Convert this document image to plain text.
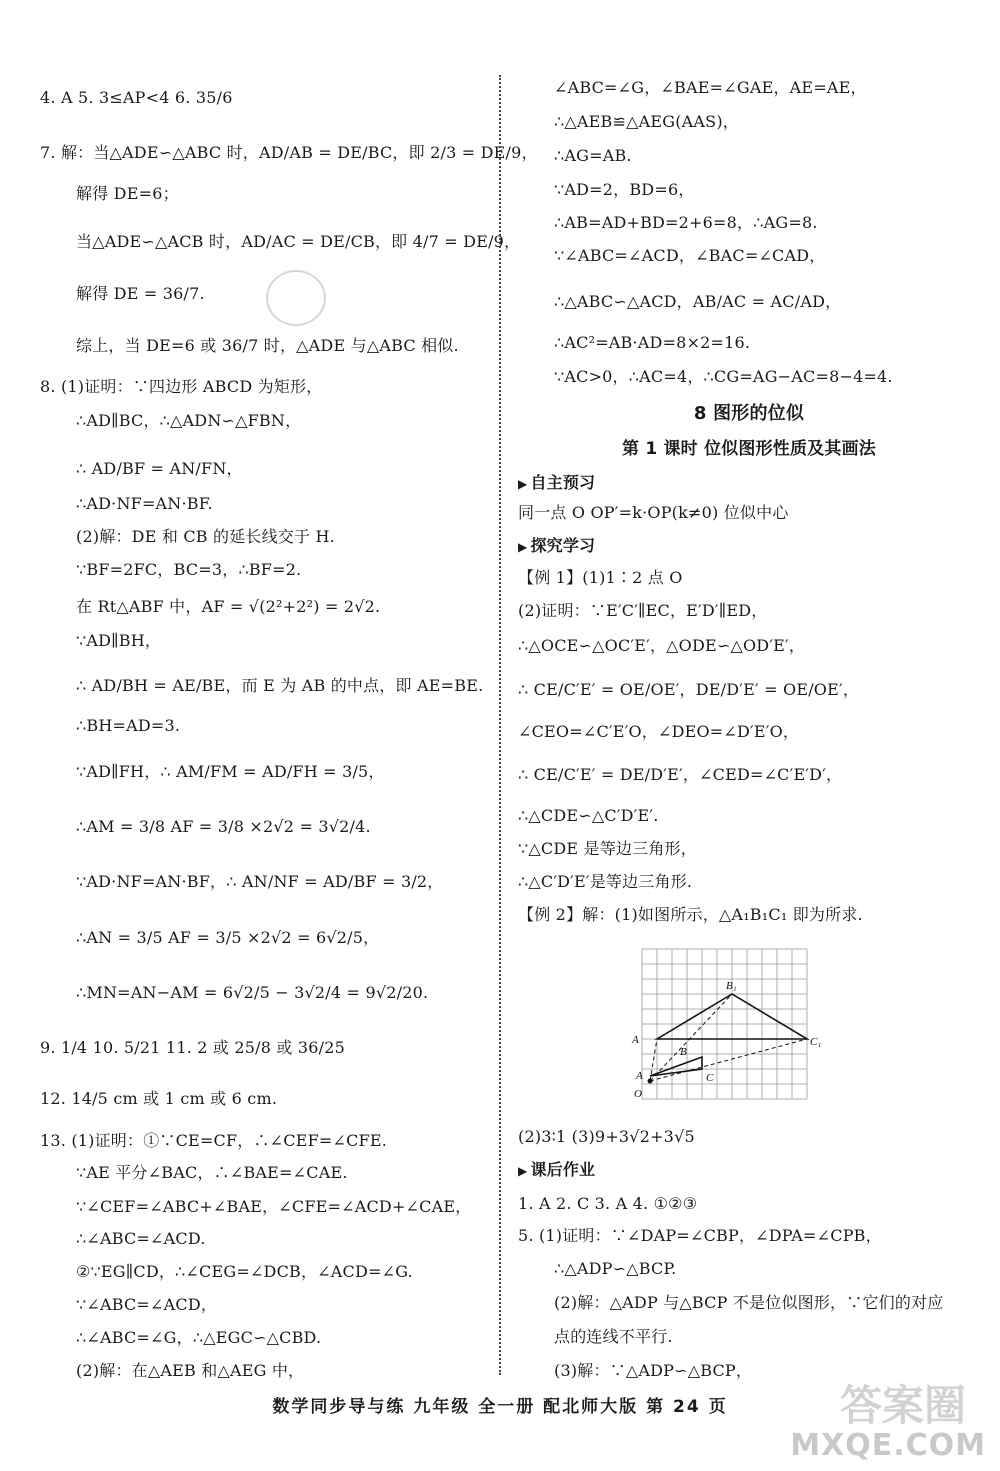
4. A 5. 3≤AP<4 6. 35/6
7. 解：当△ADE∽△ABC 时，AD/AB = DE/BC，即 2/3 = DE/9，
解得 DE=6；
当△ADE∽△ACB 时，AD/AC = DE/CB，即 4/7 = DE/9，
解得 DE = 36/7.
综上，当 DE=6 或 36/7 时，△ADE 与△ABC 相似.
8. (1)证明：∵四边形 ABCD 为矩形，
∴AD∥BC，∴△ADN∽△FBN，
∴ AD/BF = AN/FN，
∴AD·NF=AN·BF.
(2)解：DE 和 CB 的延长线交于 H.
∵BF=2FC，BC=3，∴BF=2.
在 Rt△ABF 中，AF = √(2²+2²) = 2√2.
∵AD∥BH，
∴ AD/BH = AE/BE，而 E 为 AB 的中点，即 AE=BE.
∴BH=AD=3.
∵AD∥FH，∴ AM/FM = AD/FH = 3/5，
∴AM = 3/8 AF = 3/8 ×2√2 = 3√2/4.
∵AD·NF=AN·BF，∴ AN/NF = AD/BF = 3/2，
∴AN = 3/5 AF = 3/5 ×2√2 = 6√2/5，
∴MN=AN−AM = 6√2/5 − 3√2/4 = 9√2/20.
9. 1/4 10. 5/21 11. 2 或 25/8 或 36/25
12. 14/5 cm 或 1 cm 或 6 cm.
13. (1)证明：①∵CE=CF，∴∠CEF=∠CFE.
∵AE 平分∠BAC，∴∠BAE=∠CAE.
∵∠CEF=∠ABC+∠BAE，∠CFE=∠ACD+∠CAE，
∴∠ABC=∠ACD.
②∵EG∥CD，∴∠CEG=∠DCB，∠ACD=∠G.
∵∠ABC=∠ACD，
∴∠ABC=∠G，∴△EGC∽△CBD.
(2)解：在△AEB 和△AEG 中，
∠ABC=∠G，∠BAE=∠GAE，AE=AE，
∴△AEB≌△AEG(AAS)，
∴AG=AB.
∵AD=2，BD=6，
∴AB=AD+BD=2+6=8，∴AG=8.
∵∠ABC=∠ACD，∠BAC=∠CAD，
∴△ABC∽△ACD，AB/AC = AC/AD，
∴AC²=AB·AD=8×2=16.
∵AC>0，∴AC=4，∴CG=AG−AC=8−4=4.
8 图形的位似
第 1 课时 位似图形性质及其画法
▶ 自主预习
同一点 O OP′=k·OP(k≠0) 位似中心
▶ 探究学习
【例 1】(1)1∶2 点 O
(2)证明：∵E′C′∥EC，E′D′∥ED，
∴△OCE∽△OC′E′，△ODE∽△OD′E′，
∴ CE/C′E′ = OE/OE′，DE/D′E′ = OE/OE′，
∠CEO=∠C′E′O，∠DEO=∠D′E′O，
∴ CE/C′E′ = DE/D′E′，∠CED=∠C′E′D′，
∴△CDE∽△C′D′E′.
∵△CDE 是等边三角形，
∴△C′D′E′是等边三角形.
【例 2】解：(1)如图所示，△A₁B₁C₁ 即为所求.
(2)3∶1 (3)9+3√2+3√5
▶ 课后作业
1. A 2. C 3. A 4. ①②③
5. (1)证明：∵∠DAP=∠CBP，∠DPA=∠CPB，
∴△ADP∽△BCP.
(2)解：△ADP 与△BCP 不是位似图形，∵它们的对应
点的连线不平行.
(3)解：∵△ADP∽△BCP，
A
B₁
C₁
A
B
C
O
数学同步导与练 九年级 全一册 配北师大版 第 24 页	答案圈
MXQE.COM
